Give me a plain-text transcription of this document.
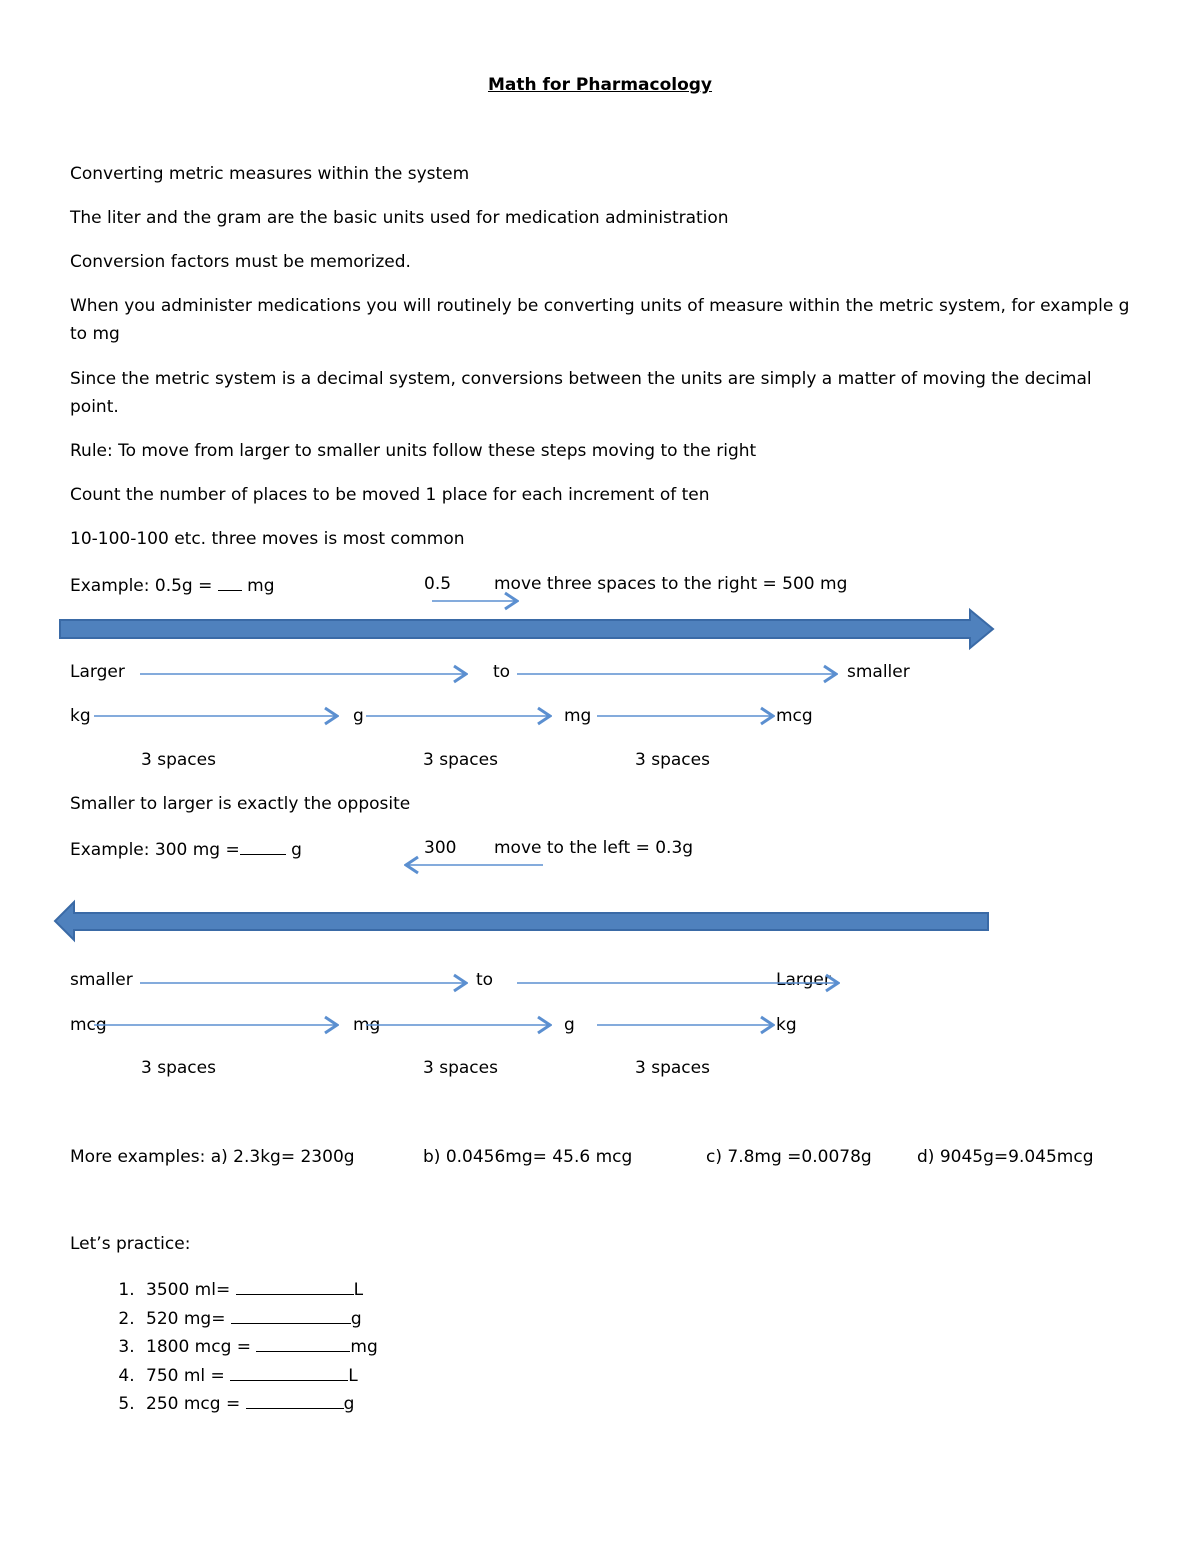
Math for Pharmacology
Converting metric measures within the system
The liter and the gram are the basic units used for medication administration
Conversion factors must be memorized.
When you administer medications you will routinely be converting units of measure within the metric system, for example g to mg
Since the metric system is a decimal system, conversions between the units are simply a matter of moving the decimal point.
Rule: To move from larger to smaller units follow these steps moving to the right
Count the number of places to be moved 1 place for each increment of ten
10-100-100 etc. three moves is most common
Example: 0.5g =  mg	0.5	move three spaces to the right = 500 mg
Larger	to	smaller
kg	g	mg	mcg
3 spaces	3 spaces	3 spaces
Smaller to larger is exactly the opposite
Example: 300 mg =	g	300 move to the left = 0.3g
smaller	to	Larger
mcg	mg	g	kg
3 spaces	3 spaces	3 spaces
More examples: a) 2.3kg= 2300g	b) 0.0456mg= 45.6 mcg	c) 7.8mg =0.0078g	d) 9045g=9.045mcg
Let’s practice:
1. 3500 ml=	L
2. 520 mg=	g
3. 1800 mcg =	mg
4. 750 ml =	L
5. 250 mcg =	g
